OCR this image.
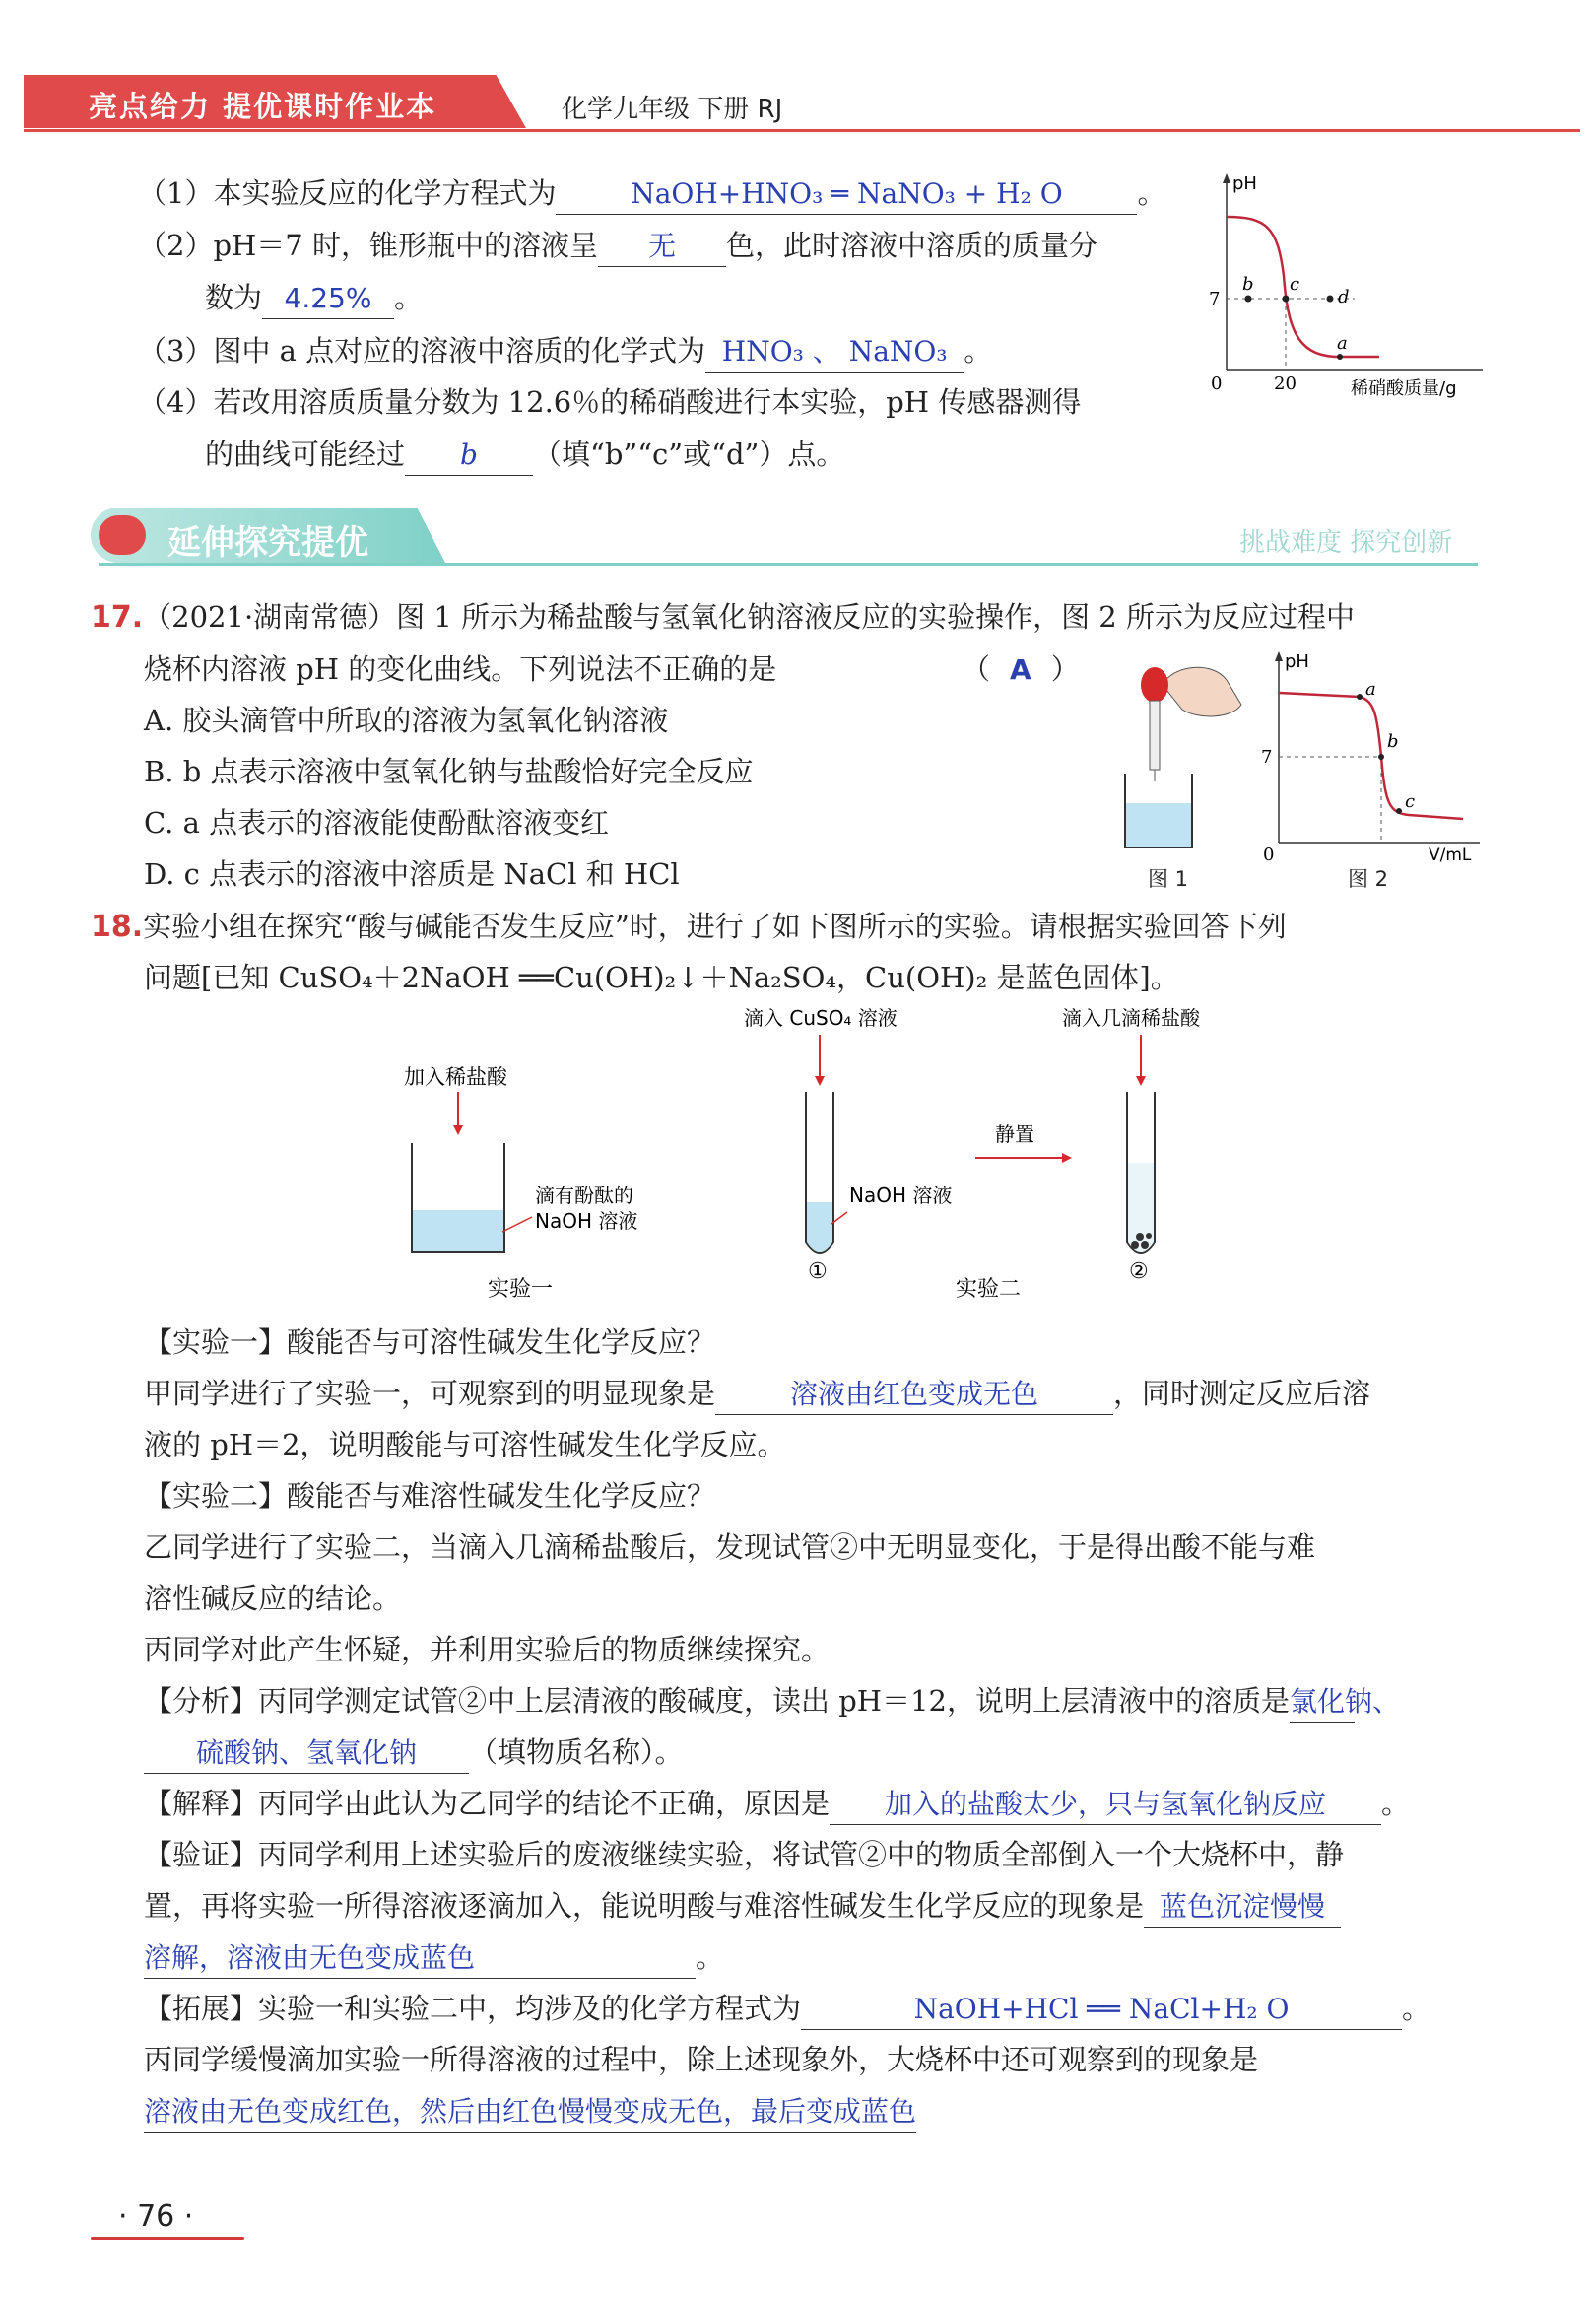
亮点给力 提优课时作业本	化学九年级 下册 RJ
（1）本实验反应的化学方程式为	NaOH+HNO₃ ═ NaNO₃ + H₂ O	。
（2）pH＝7 时，锥形瓶中的溶液呈 无 色，此时溶液中溶质的质量分
数为 4.25% 。
（3）图中 a 点对应的溶液中溶质的化学式为 HNO₃ 、 NaNO₃ 。
（4）若改用溶质质量分数为 12.6％的稀硝酸进行本实验，pH 传感器测得
的曲线可能经过 b （填“b”“c”或“d”）点。
pH
7
0	20	稀硝酸质量/g
b c
d
a
延伸探究提优	挑战难度 探究创新
17.（2021·湖南常德）图 1 所示为稀盐酸与氢氧化钠溶液反应的实验操作，图 2 所示为反应过程中
烧杯内溶液 pH 的变化曲线。下列说法不正确的是	（ A ）
A. 胶头滴管中所取的溶液为氢氧化钠溶液
B. b 点表示溶液中氢氧化钠与盐酸恰好完全反应
C. a 点表示的溶液能使酚酞溶液变红
D. c 点表示的溶液中溶质是 NaCl 和 HCl	图 1
pH
7
0	V/mL
a
b
c
图 2
18.实验小组在探究“酸与碱能否发生反应”时，进行了如下图所示的实验。请根据实验回答下列
问题[已知 CuSO₄＋2NaOH ══Cu(OH)₂↓＋Na₂SO₄，Cu(OH)₂ 是蓝色固体]。
加入稀盐酸
滴有酚酞的
NaOH 溶液
实验一
滴入 CuSO₄ 溶液
NaOH 溶液
①
静置
滴入几滴稀盐酸
②
实验二
【实验一】酸能否与可溶性碱发生化学反应？
甲同学进行了实验一，可观察到的明显现象是	溶液由红色变成无色	，同时测定反应后溶
液的 pH＝2，说明酸能与可溶性碱发生化学反应。
【实验二】酸能否与难溶性碱发生化学反应？
乙同学进行了实验二，当滴入几滴稀盐酸后，发现试管②中无明显变化，于是得出酸不能与难
溶性碱反应的结论。
丙同学对此产生怀疑，并利用实验后的物质继续探究。
【分析】丙同学测定试管②中上层清液的酸碱度，读出 pH＝12，说明上层清液中的溶质是氯化钠、
硫酸钠、氢氧化钠 （填物质名称）。
【解释】丙同学由此认为乙同学的结论不正确，原因是 加入的盐酸太少，只与氢氧化钠反应 。
【验证】丙同学利用上述实验后的废液继续实验，将试管②中的物质全部倒入一个大烧杯中，静
置，再将实验一所得溶液逐滴加入，能说明酸与难溶性碱发生化学反应的现象是 蓝色沉淀慢慢
溶解，溶液由无色变成蓝色	。
【拓展】实验一和实验二中，均涉及的化学方程式为	NaOH+HCl ══ NaCl+H₂ O	。
丙同学缓慢滴加实验一所得溶液的过程中，除上述现象外，大烧杯中还可观察到的现象是
溶液由无色变成红色，然后由红色慢慢变成无色，最后变成蓝色
· 76 ·
